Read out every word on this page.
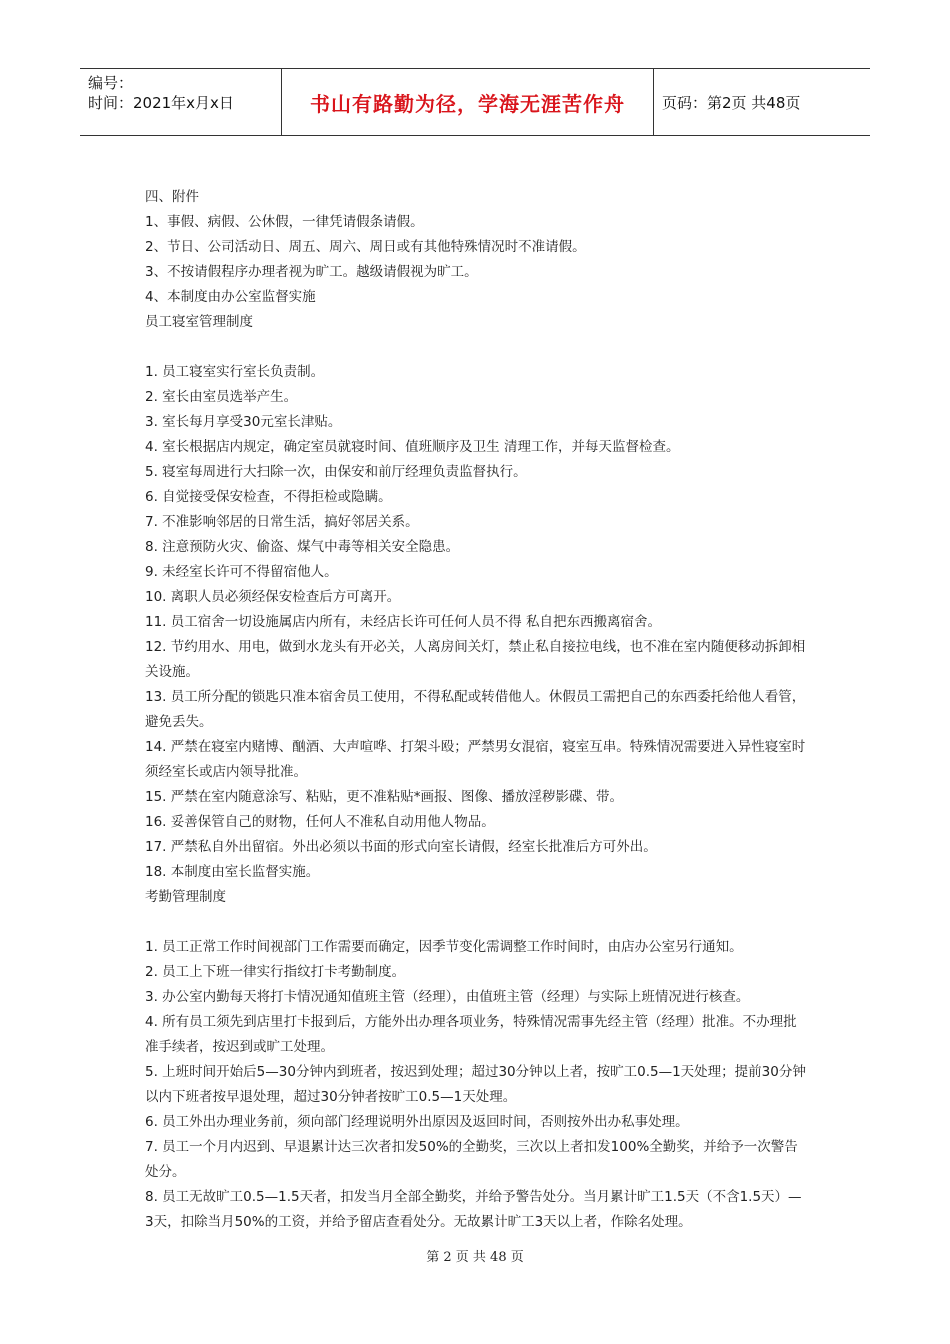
编号：
时间：2021年x月x日	书山有路勤为径，学海无涯苦作舟	页码：第2页 共48页

四、附件

1、事假、病假、公休假，一律凭请假条请假。

2、节日、公司活动日、周五、周六、周日或有其他特殊情况时不准请假。

3、不按请假程序办理者视为旷工。越级请假视为旷工。

4、本制度由办公室监督实施

员工寝室管理制度

1. 员工寝室实行室长负责制。

2. 室长由室员选举产生。

3. 室长每月享受30元室长津贴。

4. 室长根据店内规定，确定室员就寝时间、值班顺序及卫生 清理工作，并每天监督检查。

5. 寝室每周进行大扫除一次，由保安和前厅经理负责监督执行。

6. 自觉接受保安检查，不得拒检或隐瞒。

7. 不准影响邻居的日常生活，搞好邻居关系。

8. 注意预防火灾、偷盗、煤气中毒等相关安全隐患。

9. 未经室长许可不得留宿他人。

10. 离职人员必须经保安检查后方可离开。

11. 员工宿舍一切设施属店内所有，未经店长许可任何人员不得 私自把东西搬离宿舍。

12. 节约用水、用电，做到水龙头有开必关，人离房间关灯，禁止私自接拉电线，也不准在室内随便移动拆卸相关设施。

13. 员工所分配的锁匙只准本宿舍员工使用，不得私配或转借他人。休假员工需把自己的东西委托给他人看管，避免丢失。

14. 严禁在寝室内赌博、酗酒、大声喧哗、打架斗殴；严禁男女混宿，寝室互串。特殊情况需要进入异性寝室时须经室长或店内领导批准。

15. 严禁在室内随意涂写、粘贴，更不准粘贴*画报、图像、播放淫秽影碟、带。

16. 妥善保管自己的财物，任何人不准私自动用他人物品。

17. 严禁私自外出留宿。外出必须以书面的形式向室长请假，经室长批准后方可外出。

18. 本制度由室长监督实施。

考勤管理制度

1. 员工正常工作时间视部门工作需要而确定，因季节变化需调整工作时间时，由店办公室另行通知。

2. 员工上下班一律实行指纹打卡考勤制度。

3. 办公室内勤每天将打卡情况通知值班主管（经理），由值班主管（经理）与实际上班情况进行核查。

4. 所有员工须先到店里打卡报到后，方能外出办理各项业务，特殊情况需事先经主管（经理）批准。不办理批准手续者，按迟到或旷工处理。

5. 上班时间开始后5—30分钟内到班者，按迟到处理；超过30分钟以上者，按旷工0.5—1天处理；提前30分钟以内下班者按早退处理，超过30分钟者按旷工0.5—1天处理。

6. 员工外出办理业务前，须向部门经理说明外出原因及返回时间，否则按外出办私事处理。

7. 员工一个月内迟到、早退累计达三次者扣发50%的全勤奖，三次以上者扣发100%全勤奖，并给予一次警告处分。

8. 员工无故旷工0.5—1.5天者，扣发当月全部全勤奖，并给予警告处分。当月累计旷工1.5天（不含1.5天）—3天，扣除当月50%的工资，并给予留店查看处分。无故累计旷工3天以上者，作除名处理。

第 2 页 共 48 页
